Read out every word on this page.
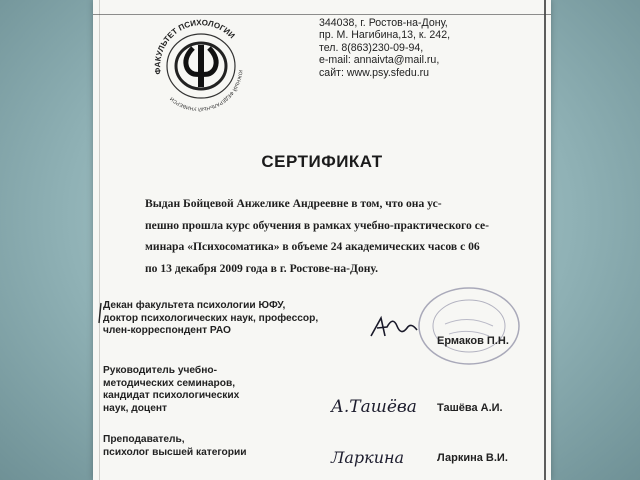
ФАКУЛЬТЕТ ПСИХОЛОГИИ
ЮЖНЫЙ ФЕДЕРАЛЬНЫЙ УНИВЕРСИ
344038, г. Ростов-на-Дону,
пр. М. Нагибина,13, к. 242,
тел. 8(863)230-09-94,
e-mail: annaivta@mail.ru,
сайт: www.psy.sfedu.ru
СЕРТИФИКАТ
Выдан Бойцевой Анжелике Андреевне в том, что она ус-
пешно прошла курс обучения в рамках учебно-практического се-
минара «Психосоматика» в объеме 24 академических часов с 06
по 13 декабря 2009 года в г. Ростове-на-Дону.
Декан факультета психологии ЮФУ,
доктор психологических наук, профессор,
член-корреспондент РАО
Ермаков П.Н.
Руководитель учебно-
методических семинаров,
кандидат психологических
наук, доцент	А.Ташёва Ташёва А.И.
Преподаватель,
психолог высшей категории	Ларкина	Ларкина В.И.
